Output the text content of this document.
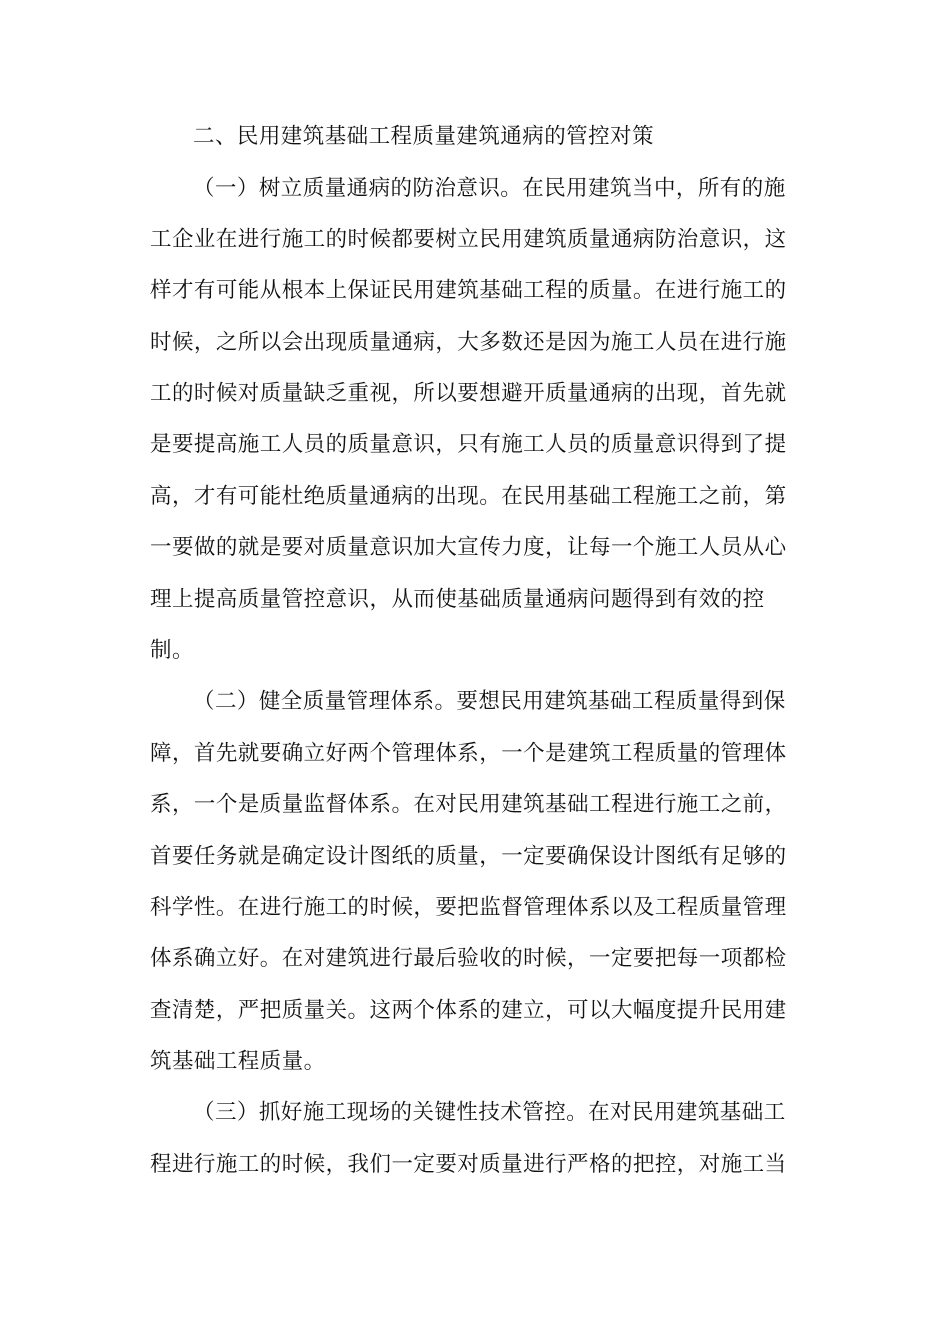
二、民用建筑基础工程质量建筑通病的管控对策
（一）树立质量通病的防治意识。在民用建筑当中，所有的施
工企业在进行施工的时候都要树立民用建筑质量通病防治意识，这
样才有可能从根本上保证民用建筑基础工程的质量。在进行施工的
时候，之所以会出现质量通病，大多数还是因为施工人员在进行施
工的时候对质量缺乏重视，所以要想避开质量通病的出现，首先就
是要提高施工人员的质量意识，只有施工人员的质量意识得到了提
高，才有可能杜绝质量通病的出现。在民用基础工程施工之前，第
一要做的就是要对质量意识加大宣传力度，让每一个施工人员从心
理上提高质量管控意识，从而使基础质量通病问题得到有效的控
制。
（二）健全质量管理体系。要想民用建筑基础工程质量得到保
障，首先就要确立好两个管理体系，一个是建筑工程质量的管理体
系，一个是质量监督体系。在对民用建筑基础工程进行施工之前，
首要任务就是确定设计图纸的质量，一定要确保设计图纸有足够的
科学性。在进行施工的时候，要把监督管理体系以及工程质量管理
体系确立好。在对建筑进行最后验收的时候，一定要把每一项都检
查清楚，严把质量关。这两个体系的建立，可以大幅度提升民用建
筑基础工程质量。
（三）抓好施工现场的关键性技术管控。在对民用建筑基础工
程进行施工的时候，我们一定要对质量进行严格的把控，对施工当
